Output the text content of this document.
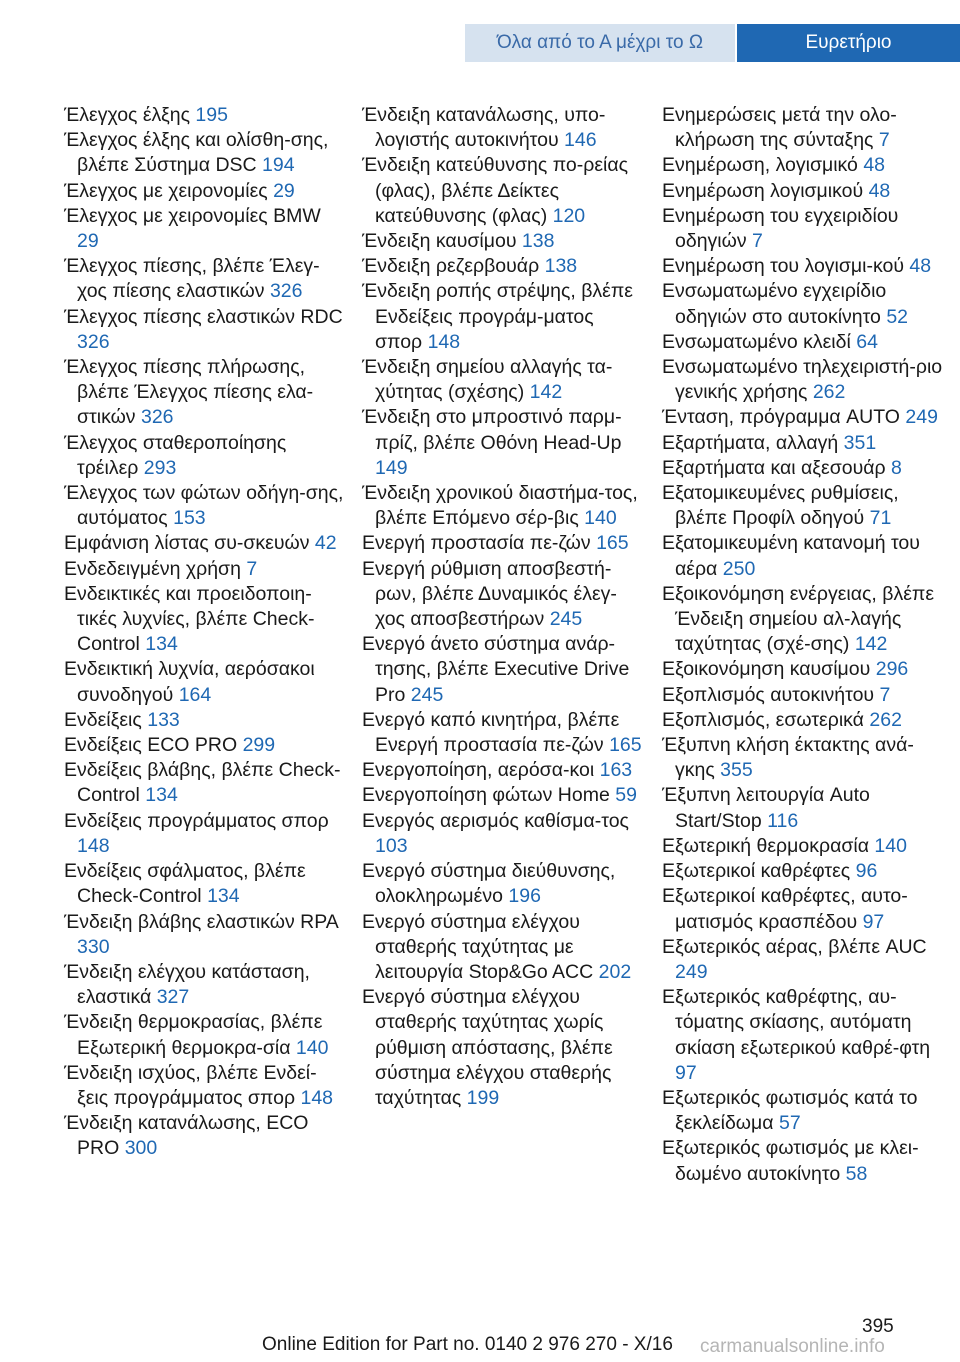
Όλα από το Α μέχρι το Ω	Ευρετήριο
Έλεγχος έλξης 195
Έλεγχος έλξης και ολίσθη-σης, βλέπε Σύστημα DSC 194
Έλεγχος με χειρονομίες 29
Έλεγχος με χειρονομίες BMW 29
Έλεγχος πίεσης, βλέπε Έλεγ-χος πίεσης ελαστικών 326
Έλεγχος πίεσης ελαστικών RDC 326
Έλεγχος πίεσης πλήρωσης, βλέπε Έλεγχος πίεσης ελα-στικών 326
Έλεγχος σταθεροποίησης τρέιλερ 293
Έλεγχος των φώτων οδήγη-σης, αυτόματος 153
Εμφάνιση λίστας συ-σκευών 42
Ενδεδειγμένη χρήση 7
Ενδεικτικές και προειδοποιη-τικές λυχνίες, βλέπε Check-Control 134
Ενδεικτική λυχνία, αερόσακοι συνοδηγού 164
Ενδείξεις 133
Ενδείξεις ECO PRO 299
Ενδείξεις βλάβης, βλέπε Check-Control 134
Ενδείξεις προγράμματος σπορ 148
Ενδείξεις σφάλματος, βλέπε Check-Control 134
Ένδειξη βλάβης ελαστικών RPA 330
Ένδειξη ελέγχου κατάσταση, ελαστικά 327
Ένδειξη θερμοκρασίας, βλέπε Εξωτερική θερμοκρα-σία 140
Ένδειξη ισχύος, βλέπε Ενδεί-ξεις προγράμματος σπορ 148
Ένδειξη κατανάλωσης, ECO PRO 300
Ένδειξη κατανάλωσης, υπο-λογιστής αυτοκινήτου 146
Ένδειξη κατεύθυνσης πο-ρείας (φλας), βλέπε Δείκτες κατεύθυνσης (φλας) 120
Ένδειξη καυσίμου 138
Ένδειξη ρεζερβουάρ 138
Ένδειξη ροπής στρέψης, βλέπε Ενδείξεις προγράμ-ματος σπορ 148
Ένδειξη σημείου αλλαγής τα-χύτητας (σχέσης) 142
Ένδειξη στο μπροστινό παρμ-πρίζ, βλέπε Οθόνη Head-Up 149
Ένδειξη χρονικού διαστήμα-τος, βλέπε Επόμενο σέρ-βις 140
Ενεργή προστασία πε-ζών 165
Ενεργή ρύθμιση αποσβεστή-ρων, βλέπε Δυναμικός έλεγ-χος αποσβεστήρων 245
Ενεργό άνετο σύστημα ανάρ-τησης, βλέπε Executive Drive Pro 245
Ενεργό καπό κινητήρα, βλέπε Ενεργή προστασία πε-ζών 165
Ενεργοποίηση, αερόσα-κοι 163
Ενεργοποίηση φώτων Home 59
Ενεργός αερισμός καθίσμα-τος 103
Ενεργό σύστημα διεύθυνσης, ολοκληρωμένο 196
Ενεργό σύστημα ελέγχου σταθερής ταχύτητας με λειτουργία Stop&Go ACC 202
Ενεργό σύστημα ελέγχου σταθερής ταχύτητας χωρίς ρύθμιση απόστασης, βλέπε σύστημα ελέγχου σταθερής ταχύτητας 199
Ενημερώσεις μετά την ολο-κλήρωση της σύνταξης 7
Ενημέρωση, λογισμικό 48
Ενημέρωση λογισμικού 48
Ενημέρωση του εγχειριδίου οδηγιών 7
Ενημέρωση του λογισμι-κού 48
Ενσωματωμένο εγχειρίδιο οδηγιών στο αυτοκίνητο 52
Ενσωματωμένο κλειδί 64
Ενσωματωμένο τηλεχειριστή-ριο γενικής χρήσης 262
Ένταση, πρόγραμμα AUTO 249
Εξαρτήματα, αλλαγή 351
Εξαρτήματα και αξεσουάρ 8
Εξατομικευμένες ρυθμίσεις, βλέπε Προφίλ οδηγού 71
Εξατομικευμένη κατανομή του αέρα 250
Εξοικονόμηση ενέργειας, βλέπε Ένδειξη σημείου αλ-λαγής ταχύτητας (σχέ-σης) 142
Εξοικονόμηση καυσίμου 296
Εξοπλισμός αυτοκινήτου 7
Εξοπλισμός, εσωτερικά 262
Έξυπνη κλήση έκτακτης ανά-γκης 355
Έξυπνη λειτουργία Auto Start/Stop 116
Εξωτερική θερμοκρασία 140
Εξωτερικοί καθρέφτες 96
Εξωτερικοί καθρέφτες, αυτο-ματισμός κρασπέδου 97
Εξωτερικός αέρας, βλέπε AUC 249
Εξωτερικός καθρέφτης, αυ-τόματης σκίασης, αυτόματη σκίαση εξωτερικού καθρέ-φτη 97
Εξωτερικός φωτισμός κατά το ξεκλείδωμα 57
Εξωτερικός φωτισμός με κλει-δωμένο αυτοκίνητο 58
395
Online Edition for Part no. 0140 2 976 270 - X/16 carmanualsonline.info
